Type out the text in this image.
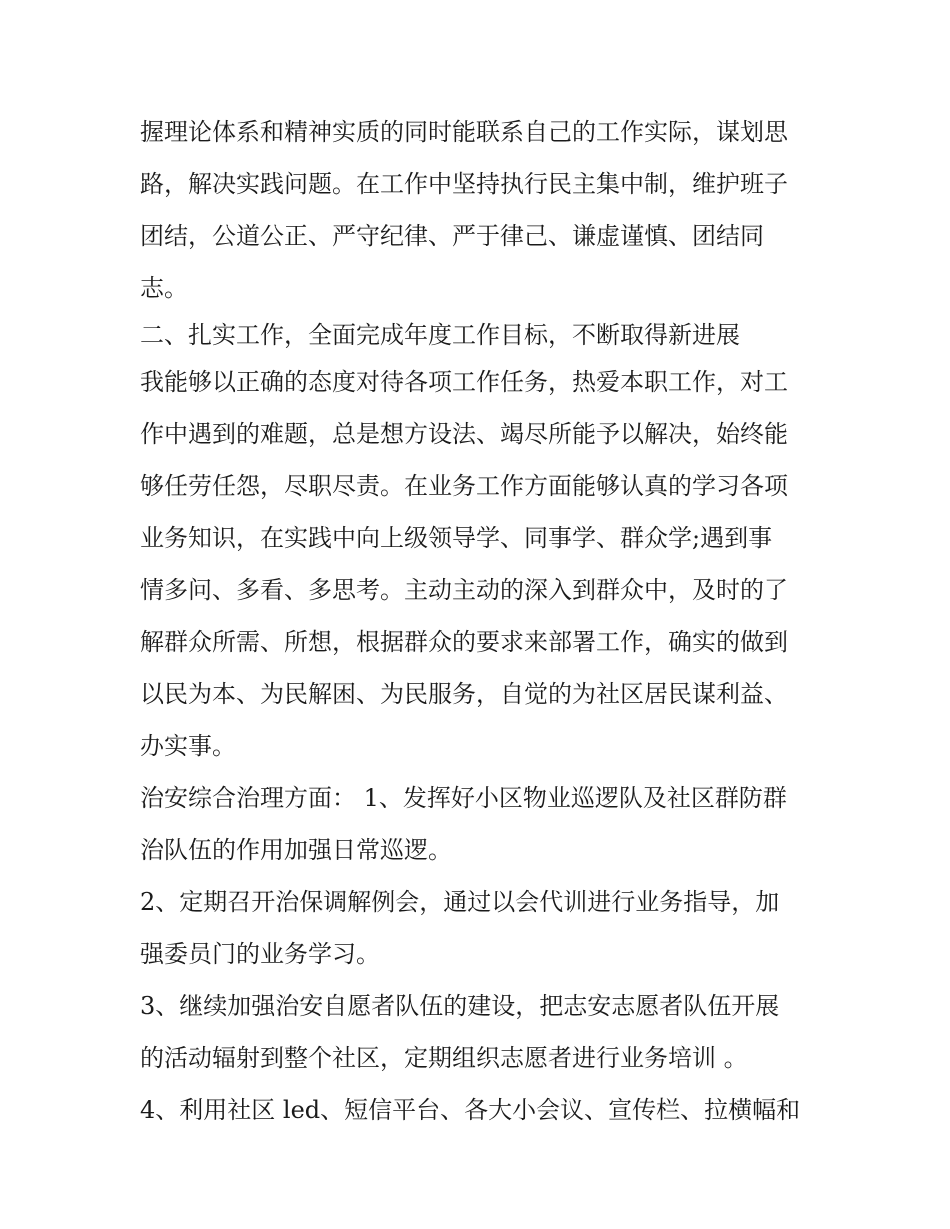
握理论体系和精神实质的同时能联系自己的工作实际，谋划思
路，解决实践问题。在工作中坚持执行民主集中制，维护班子
团结，公道公正、严守纪律、严于律己、谦虚谨慎、团结同
志。
二、扎实工作，全面完成年度工作目标，不断取得新进展
我能够以正确的态度对待各项工作任务，热爱本职工作，对工
作中遇到的难题，总是想方设法、竭尽所能予以解决，始终能
够任劳任怨，尽职尽责。在业务工作方面能够认真的学习各项
业务知识，在实践中向上级领导学、同事学、群众学;遇到事
情多问、多看、多思考。主动主动的深入到群众中，及时的了
解群众所需、所想，根据群众的要求来部署工作，确实的做到
以民为本、为民解困、为民服务，自觉的为社区居民谋利益、
办实事。
治安综合治理方面： 1、发挥好小区物业巡逻队及社区群防群
治队伍的作用加强日常巡逻。
2、定期召开治保调解例会，通过以会代训进行业务指导，加
强委员门的业务学习。
3、继续加强治安自愿者队伍的建设，把志安志愿者队伍开展
的活动辐射到整个社区，定期组织志愿者进行业务培训 。
4、利用社区 led、短信平台、各大小会议、宣传栏、拉横幅和
